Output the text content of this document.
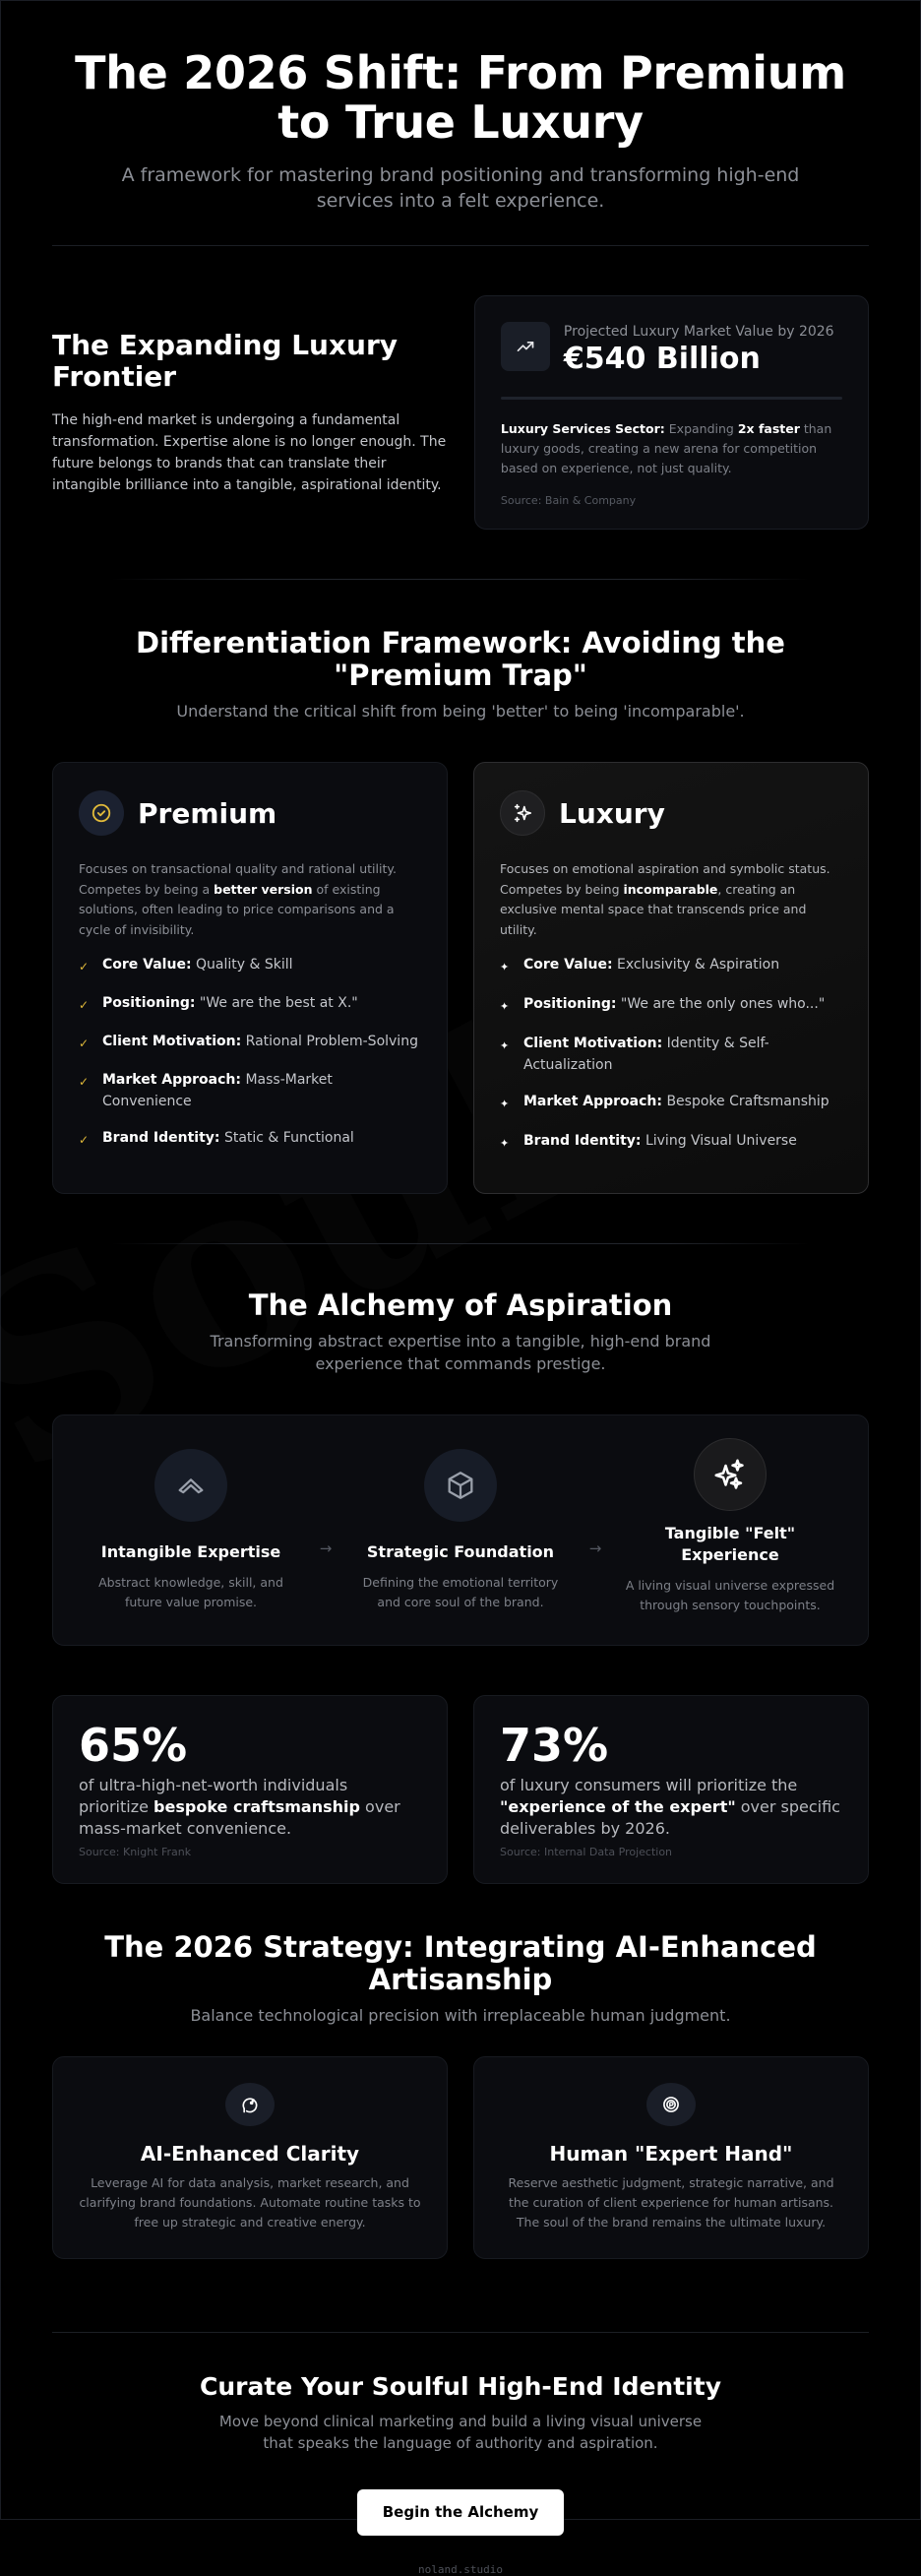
The 2026 Shift: From Premium to True Luxury

A framework for mastering brand positioning and transforming high-end services into a felt experience.

The Expanding Luxury Frontier

The high-end market is undergoing a fundamental transformation. Expertise alone is no longer enough. The future belongs to brands that can translate their intangible brilliance into a tangible, aspirational identity.

Projected Luxury Market Value by 2026
€540 Billion

Luxury Services Sector: Expanding 2x faster than luxury goods, creating a new arena for competition based on experience, not just quality.

Source: Bain & Company
Differentiation Framework: Avoiding the "Premium Trap"

Understand the critical shift from being 'better' to being 'incomparable'.

Premium

Focuses on transactional quality and rational utility. Competes by being a better version of existing solutions, often leading to price comparisons and a cycle of invisibility.

✓ Core Value: Quality & Skill
✓ Positioning: "We are the best at X."
✓ Client Motivation: Rational Problem-Solving
✓ Market Approach: Mass-Market Convenience
✓ Brand Identity: Static & Functional
Luxury

Focuses on emotional aspiration and symbolic status. Competes by being incomparable, creating an exclusive mental space that transcends price and utility.

✦	Core Value: Exclusivity & Aspiration
✦	Positioning: "We are the only ones who..."
✦	Client Motivation: Identity & Self-Actualization
✦	Market Approach: Bespoke Craftsmanship
✦	Brand Identity: Living Visual Universe
The Alchemy of Aspiration

Transforming abstract expertise into a tangible, high-end brand experience that commands prestige.

Intangible Expertise

Abstract knowledge, skill, and future value promise.

→ Strategic Foundation

Defining the emotional territory and core soul of the brand.

→
Tangible "Felt" Experience

A living visual universe expressed through sensory touchpoints.

65%

of ultra-high-net-worth individuals prioritize bespoke craftsmanship over mass-market convenience.

Source: Knight Frank
73%

of luxury consumers will prioritize the "experience of the expert" over specific deliverables by 2026.

Source: Internal Data Projection
The 2026 Strategy: Integrating AI-Enhanced Artisanship

Balance technological precision with irreplaceable human judgment.

AI-Enhanced Clarity

Leverage AI for data analysis, market research, and clarifying brand foundations. Automate routine tasks to free up strategic and creative energy.

Human "Expert Hand"

Reserve aesthetic judgment, strategic narrative, and the curation of client experience for human artisans. The soul of the brand remains the ultimate luxury.

Curate Your Soulful High-End Identity

Move beyond clinical marketing and build a living visual universe that speaks the language of authority and aspiration.

Begin the Alchemy
noland.studio
